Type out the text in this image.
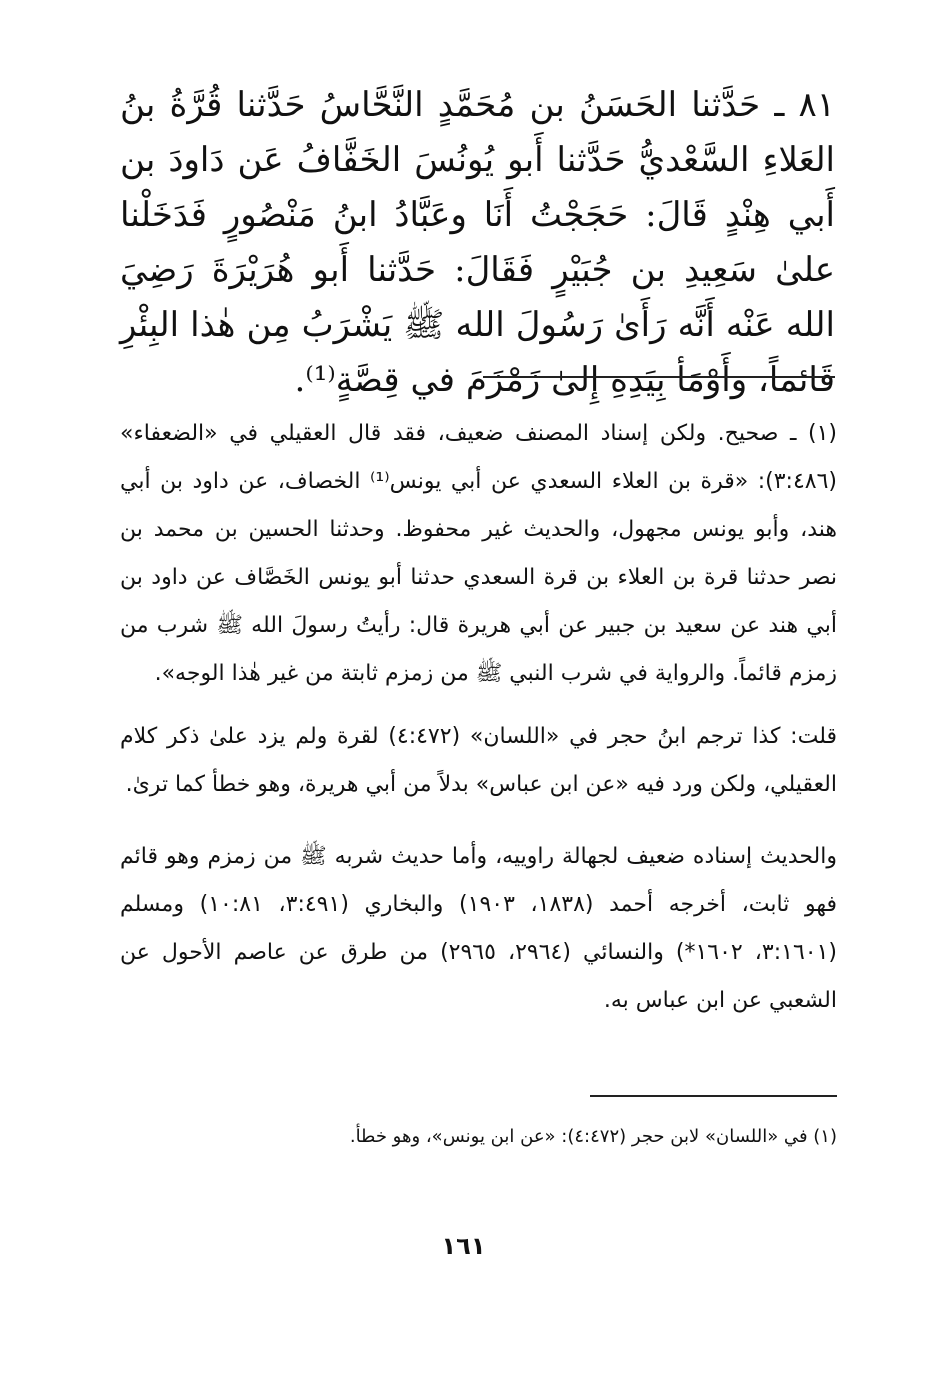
٨١ ـ حَدَّثنا الحَسَنُ بن مُحَمَّدٍ النَّحَّاسُ حَدَّثنا قُرَّةُ بنُ العَلاءِ السَّعْديُّ حَدَّثنا أَبو يُونُسَ الخَفَّافُ عَن دَاودَ بن أَبي هِنْدٍ قَالَ: حَجَجْتُ أَنَا وعَبَّادُ ابنُ مَنْصُورٍ فَدَخَلْنا علىٰ سَعِيدِ بن جُبَيْرٍ فَقَالَ: حَدَّثنا أَبو هُرَيْرَةَ رَضِيَ الله عَنْه أَنَّه رَأَىٰ رَسُولَ الله ﷺ يَشْرَبُ مِن هٰذا البِئْرِ قَائماً، وأَوْمَأ بِيَدِهِ إِلىٰ زَمْزَمَ في قِصَّةٍ⁽¹⁾.

(١) ـ صحيح. ولكن إسناد المصنف ضعيف، فقد قال العقيلي في «الضعفاء» (٣:٤٨٦): «قرة بن العلاء السعدي عن أبي يونس⁽¹⁾ الخصاف، عن داود بن أبي هند، وأبو يونس مجهول، والحديث غير محفوظ. وحدثنا الحسين بن محمد بن نصر حدثنا قرة بن العلاء بن قرة السعدي حدثنا أبو يونس الخَصَّاف عن داود بن أبي هند عن سعيد بن جبير عن أبي هريرة قال: رأيتُ رسولَ الله ﷺ شرب من زمزم قائماً. والرواية في شرب النبي ﷺ من زمزم ثابتة من غير هٰذا الوجه».

قلت: كذا ترجم ابنُ حجر في «اللسان» (٤:٤٧٢) لقرة ولم يزد علىٰ ذكر كلام العقيلي، ولكن ورد فيه «عن ابن عباس» بدلاً من أبي هريرة، وهو خطأ كما ترىٰ.

والحديث إسناده ضعيف لجهالة راوييه، وأما حديث شربه ﷺ من زمزم وهو قائم فهو ثابت، أخرجه أحمد (١٨٣٨، ١٩٠٣) والبخاري (٣:٤٩١، ١٠:٨١) ومسلم (٣:١٦٠١، ١٦٠٢*) والنسائي (٢٩٦٤، ٢٩٦٥) من طرق عن عاصم الأحول عن الشعبي عن ابن عباس به.

(١) في «اللسان» لابن حجر (٤:٤٧٢): «عن ابن يونس»، وهو خطأ.

١٦١
